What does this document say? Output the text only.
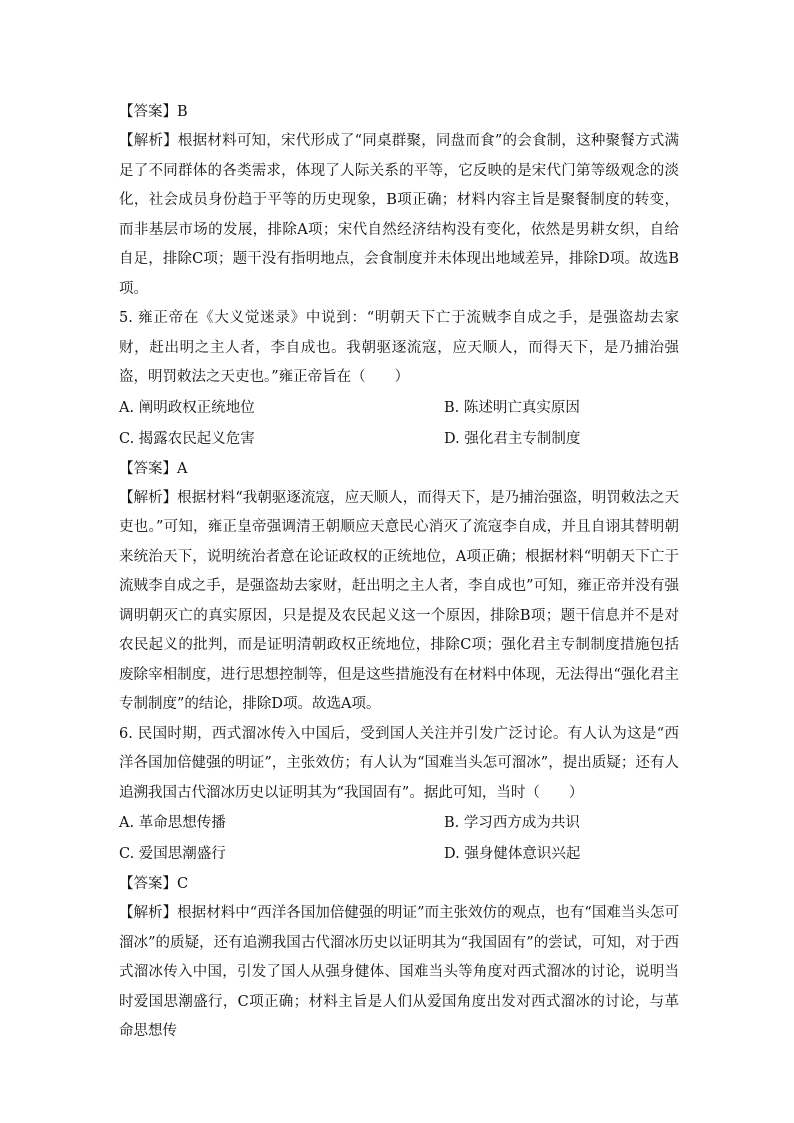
【答案】B

【解析】根据材料可知，宋代形成了“同桌群聚，同盘而食”的会食制，这种聚餐方式满足了不同群体的各类需求，体现了人际关系的平等，它反映的是宋代门第等级观念的淡化，社会成员身份趋于平等的历史现象，B项正确；材料内容主旨是聚餐制度的转变，而非基层市场的发展，排除A项；宋代自然经济结构没有变化，依然是男耕女织，自给自足，排除C项；题干没有指明地点，会食制度并未体现出地域差异，排除D项。故选B项。

5. 雍正帝在《大义觉迷录》中说到：“明朝天下亡于流贼李自成之手，是强盗劫去家财，赶出明之主人者，李自成也。我朝驱逐流寇，应天顺人，而得天下，是乃捕治强盗，明罚敕法之天吏也。”雍正帝旨在（　　）

A. 阐明政权正统地位	B. 陈述明亡真实原因
C. 揭露农民起义危害	D. 强化君主专制制度

【答案】A

【解析】根据材料“我朝驱逐流寇，应天顺人，而得天下，是乃捕治强盗，明罚敕法之天吏也。”可知，雍正皇帝强调清王朝顺应天意民心消灭了流寇李自成，并且自诩其替明朝来统治天下，说明统治者意在论证政权的正统地位，A项正确；根据材料“明朝天下亡于流贼李自成之手，是强盗劫去家财，赶出明之主人者，李自成也”可知，雍正帝并没有强调明朝灭亡的真实原因，只是提及农民起义这一个原因，排除B项；题干信息并不是对农民起义的批判，而是证明清朝政权正统地位，排除C项；强化君主专制制度措施包括废除宰相制度，进行思想控制等，但是这些措施没有在材料中体现，无法得出“强化君主专制制度”的结论，排除D项。故选A项。

6. 民国时期，西式溜冰传入中国后，受到国人关注并引发广泛讨论。有人认为这是“西洋各国加倍健强的明证”，主张效仿；有人认为“国难当头怎可溜冰”，提出质疑；还有人追溯我国古代溜冰历史以证明其为“我国固有”。据此可知，当时（　　）

A. 革命思想传播	B. 学习西方成为共识
C. 爱国思潮盛行	D. 强身健体意识兴起

【答案】C

【解析】根据材料中“西洋各国加倍健强的明证”而主张效仿的观点，也有“国难当头怎可溜冰”的质疑，还有追溯我国古代溜冰历史以证明其为“我国固有”的尝试，可知，对于西式溜冰传入中国，引发了国人从强身健体、国难当头等角度对西式溜冰的讨论，说明当时爱国思潮盛行，C项正确；材料主旨是人们从爱国角度出发对西式溜冰的讨论，与革命思想传
